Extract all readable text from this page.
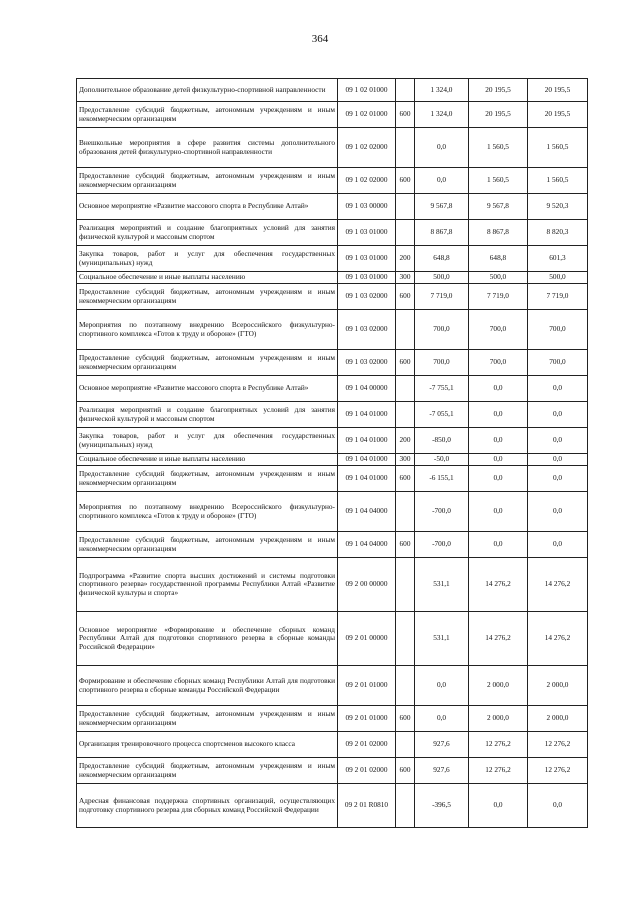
364
Дополнительное образование детей физкультурно-спортивной направленности	09 1 02 01000		1 324,0	20 195,5	20 195,5
Предоставление субсидий бюджетным, автономным учреждениям и иным некоммерческим организациям	09 1 02 01000	600	1 324,0	20 195,5	20 195,5
Внешкольные мероприятия в сфере развития системы дополнительного образования детей физкультурно-спортивной направленности	09 1 02 02000		0,0	1 560,5	1 560,5
Предоставление субсидий бюджетным, автономным учреждениям и иным некоммерческим организациям	09 1 02 02000	600	0,0	1 560,5	1 560,5
Основное мероприятие «Развитие массового спорта в Республике Алтай»	09 1 03 00000		9 567,8	9 567,8	9 520,3
Реализация мероприятий и создание благоприятных условий для занятия физической культурой и массовым спортом	09 1 03 01000		8 867,8	8 867,8	8 820,3
Закупка товаров, работ и услуг для обеспечения государственных (муниципальных) нужд	09 1 03 01000	200	648,8	648,8	601,3
Социальное обеспечение и иные выплаты населению	09 1 03 01000	300	500,0	500,0	500,0
Предоставление субсидий бюджетным, автономным учреждениям и иным некоммерческим организациям	09 1 03 02000	600	7 719,0	7 719,0	7 719,0
Мероприятия по поэтапному внедрению Всероссийского физкультурно-спортивного комплекса «Готов к труду и обороне» (ГТО)	09 1 03 02000		700,0	700,0	700,0
Предоставление субсидий бюджетным, автономным учреждениям и иным некоммерческим организациям	09 1 03 02000	600	700,0	700,0	700,0
Основное мероприятие «Развитие массового спорта в Республике Алтай»	09 1 04 00000		-7 755,1	0,0	0,0
Реализация мероприятий и создание благоприятных условий для занятия физической культурой и массовым спортом	09 1 04 01000		-7 055,1	0,0	0,0
Закупка товаров, работ и услуг для обеспечения государственных (муниципальных) нужд	09 1 04 01000	200	-850,0	0,0	0,0
Социальное обеспечение и иные выплаты населению	09 1 04 01000	300	-50,0	0,0	0,0
Предоставление субсидий бюджетным, автономным учреждениям и иным некоммерческим организациям	09 1 04 01000	600	-6 155,1	0,0	0,0
Мероприятия по поэтапному внедрению Всероссийского физкультурно-спортивного комплекса «Готов к труду и обороне» (ГТО)	09 1 04 04000		-700,0	0,0	0,0
Предоставление субсидий бюджетным, автономным учреждениям и иным некоммерческим организациям	09 1 04 04000	600	-700,0	0,0	0,0
Подпрограмма «Развитие спорта высших достижений и системы подготовки спортивного резерва» государственной программы Республики Алтай «Развитие физической культуры и спорта»	09 2 00 00000		531,1	14 276,2	14 276,2
Основное мероприятие «Формирование и обеспечение сборных команд Республики Алтай для подготовки спортивного резерва в сборные команды Российской Федерации»	09 2 01 00000		531,1	14 276,2	14 276,2
Формирование и обеспечение сборных команд Республики Алтай для подготовки спортивного резерва в сборные команды Российской Федерации	09 2 01 01000		0,0	2 000,0	2 000,0
Предоставление субсидий бюджетным, автономным учреждениям и иным некоммерческим организациям	09 2 01 01000	600	0,0	2 000,0	2 000,0
Организация тренировочного процесса спортсменов высокого класса	09 2 01 02000		927,6	12 276,2	12 276,2
Предоставление субсидий бюджетным, автономным учреждениям и иным некоммерческим организациям	09 2 01 02000	600	927,6	12 276,2	12 276,2
Адресная финансовая поддержка спортивных организаций, осуществляющих подготовку спортивного резерва для сборных команд Российской Федерации	09 2 01 R0810		-396,5	0,0	0,0
